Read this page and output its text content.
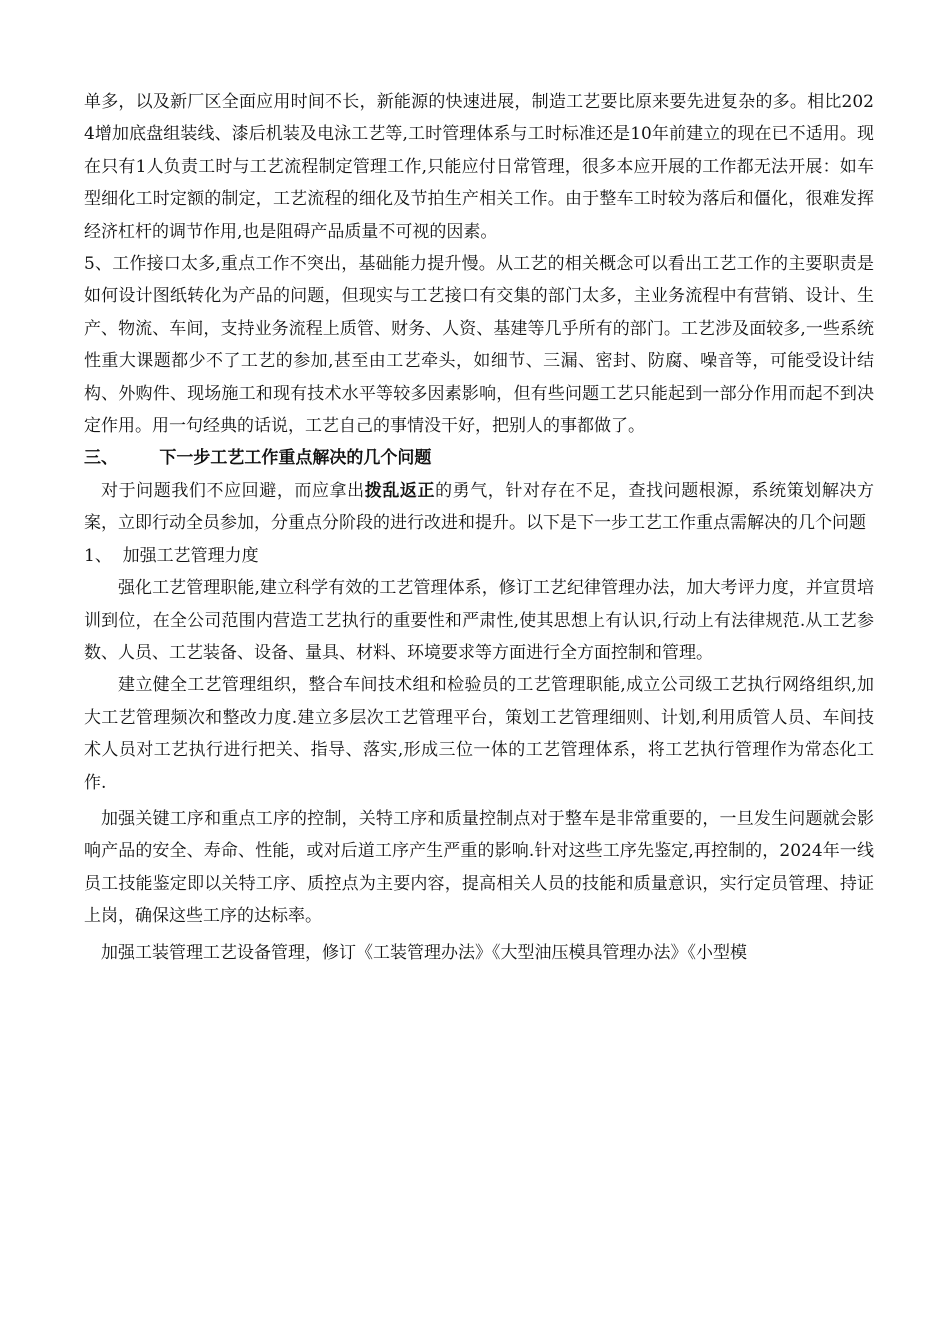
单多，以及新厂区全面应用时间不长，新能源的快速进展，制造工艺要比原来要先进复杂的多。相比2024增加底盘组装线、漆后机装及电泳工艺等,工时管理体系与工时标准还是10年前建立的现在已不适用。现在只有1人负责工时与工艺流程制定管理工作,只能应付日常管理，很多本应开展的工作都无法开展：如车型细化工时定额的制定，工艺流程的细化及节拍生产相关工作。由于整车工时较为落后和僵化，很难发挥经济杠杆的调节作用,也是阻碍产品质量不可视的因素。

5、工作接口太多,重点工作不突出，基础能力提升慢。从工艺的相关概念可以看出工艺工作的主要职责是如何设计图纸转化为产品的问题，但现实与工艺接口有交集的部门太多，主业务流程中有营销、设计、生产、物流、车间，支持业务流程上质管、财务、人资、基建等几乎所有的部门。工艺涉及面较多,一些系统性重大课题都少不了工艺的参加,甚至由工艺牵头，如细节、三漏、密封、防腐、噪音等，可能受设计结构、外购件、现场施工和现有技术水平等较多因素影响，但有些问题工艺只能起到一部分作用而起不到决定作用。用一句经典的话说，工艺自己的事情没干好，把别人的事都做了。

三、       下一步工艺工作重点解决的几个问题

对于问题我们不应回避，而应拿出拨乱返正的勇气，针对存在不足，查找问题根源，系统策划解决方案，立即行动全员参加，分重点分阶段的进行改进和提升。以下是下一步工艺工作重点需解决的几个问题

1、  加强工艺管理力度

强化工艺管理职能,建立科学有效的工艺管理体系，修订工艺纪律管理办法，加大考评力度，并宣贯培训到位，在全公司范围内营造工艺执行的重要性和严肃性,使其思想上有认识,行动上有法律规范.从工艺参数、人员、工艺装备、设备、量具、材料、环境要求等方面进行全方面控制和管理。

建立健全工艺管理组织，整合车间技术组和检验员的工艺管理职能,成立公司级工艺执行网络组织,加大工艺管理频次和整改力度.建立多层次工艺管理平台，策划工艺管理细则、计划,利用质管人员、车间技术人员对工艺执行进行把关、指导、落实,形成三位一体的工艺管理体系，将工艺执行管理作为常态化工作.

加强关键工序和重点工序的控制，关特工序和质量控制点对于整车是非常重要的，一旦发生问题就会影响产品的安全、寿命、性能，或对后道工序产生严重的影响.针对这些工序先鉴定,再控制的，2024年一线员工技能鉴定即以关特工序、质控点为主要内容，提高相关人员的技能和质量意识，实行定员管理、持证上岗，确保这些工序的达标率。

加强工装管理工艺设备管理，修订《工装管理办法》《大型油压模具管理办法》《小型模
